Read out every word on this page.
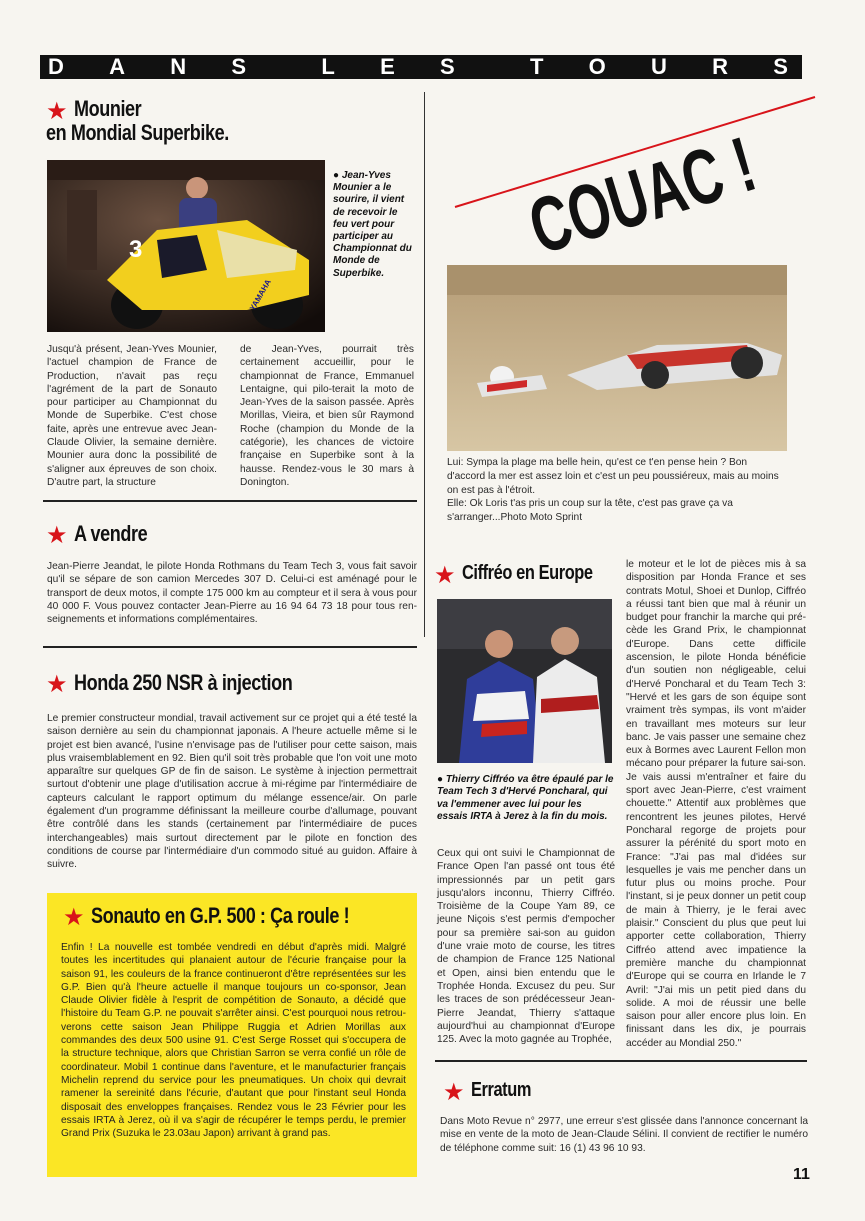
D A N S	L E S	T O U R S
★ Mounier
en Mondial Superbike.
3
YAMAHA
● Jean-Yves Mounier a le sourire, il vient de recevoir le feu vert pour participer au Championnat du Monde de Superbike.
Jusqu'à présent, Jean-Yves Mounier, l'actuel champion de France de Production, n'avait pas reçu l'agrément de la part de Sonauto pour participer au Championnat du Monde de Superbike. C'est chose faite, après une entrevue avec Jean-Claude Olivier, la semaine dernière. Mounier aura donc la possibilité de s'aligner aux épreuves de son choix. D'autre part, la structure
de Jean-Yves, pourrait très certainement accueillir, pour le championnat de France, Emmanuel Lentaigne, qui pilo-terait la moto de Jean-Yves de la saison passée. Après Morillas, Vieira, et bien sûr Raymond Roche (champion du Monde de la catégorie), les chances de victoire française en Superbike sont à la hausse. Rendez-vous le 30 mars à Donington.
★ A vendre
Jean-Pierre Jeandat, le pilote Honda Rothmans du Team Tech 3, vous fait savoir qu'il se sépare de son camion Mercedes 307 D. Celui-ci est aménagé pour le transport de deux motos, il compte 175 000 km au compteur et il sera à vous pour 40 000 F. Vous pouvez contacter Jean-Pierre au 16 94 64 73 18 pour tous ren-seignements et informations complémentaires.
★ Honda 250 NSR à injection
Le premier constructeur mondial, travail activement sur ce projet qui a été testé la saison dernière au sein du championnat japonais. A l'heure actuelle même si le projet est bien avancé, l'usine n'envisage pas de l'utiliser pour cette saison, mais plus vraisemblablement en 92. Bien qu'il soit très probable que l'on voit une moto apparaître sur quelques GP de fin de saison. Le système à injection permettrait surtout d'obtenir une plage d'utilisation accrue à mi-régime par l'intermédiaire de capteurs calculant le rapport optimum du mélange essence/air. On parle également d'un programme définissant la meilleure courbe d'allumage, pouvant être contrôlé dans les stands (certainement par l'intermédiaire de puces interchangeables) mais surtout directement par le pilote en fonction des conditions de course par l'intermédiaire d'un commodo situé au guidon. Affaire à suivre.
★ Sonauto en G.P. 500 : Ça roule !
Enfin ! La nouvelle est tombée vendredi en début d'après midi. Malgré toutes les incertitudes qui planaient autour de l'écurie française pour la saison 91, les couleurs de la france continueront d'être représentées sur les G.P. Bien qu'à l'heure actuelle il manque toujours un co-sponsor, Jean Claude Olivier fidèle à l'esprit de compétition de Sonauto, a décidé que l'histoire du Team G.P. ne pouvait s'arrêter ainsi. C'est pourquoi nous retrou-verons cette saison Jean Philippe Ruggia et Adrien Morillas aux commandes des deux 500 usine 91. C'est Serge Rosset qui s'occupera de la structure technique, alors que Christian Sarron se verra confié un rôle de coordinateur. Mobil 1 continue dans l'aventure, et le manufacturier français Michelin reprend du service pour les pneumatiques. Un choix qui devrait ramener la sereinité dans l'écurie, d'autant que pour l'instant seul Honda disposait des enveloppes françaises. Rendez vous le 23 Février pour les essais IRTA à Jerez, où il va s'agir de récupérer le temps perdu, le premier Grand Prix (Suzuka le 23.03au Japon) arrivant à grand pas.
COUAC !
Lui: Sympa la plage ma belle hein, qu'est ce t'en pense hein ? Bon d'accord la mer est assez loin et c'est un peu poussiéreux, mais au moins on est pas à l'étroit.
Elle: Ok Loris t'as pris un coup sur la tête, c'est pas grave ça va s'arranger...Photo Moto Sprint
★ Ciffréo en Europe
● Thierry Ciffréo va être épaulé par le Team Tech 3 d'Hervé Poncharal, qui va l'emmener avec lui pour les essais IRTA à Jerez à la fin du mois.
Ceux qui ont suivi le Championnat de France Open l'an passé ont tous été impressionnés par un petit gars jusqu'alors inconnu, Thierry Ciffréo. Troisième de la Coupe Yam 89, ce jeune Niçois s'est permis d'empocher pour sa première sai-son au guidon d'une vraie moto de course, les titres de champion de France 125 National et Open, ainsi bien entendu que le Trophée Honda. Excusez du peu. Sur les traces de son prédécesseur Jean-Pierre Jeandat, Thierry s'attaque aujourd'hui au championnat d'Europe 125. Avec la moto gagnée au Trophée,
le moteur et le lot de pièces mis à sa disposition par Honda France et ses contrats Motul, Shoei et Dunlop, Ciffréo a réussi tant bien que mal à réunir un budget pour franchir la marche qui pré-cède les Grand Prix, le championnat d'Europe. Dans cette difficile ascension, le pilote Honda bénéficie d'un soutien non négligeable, celui d'Hervé Poncharal et du Team Tech 3: "Hervé et les gars de son équipe sont vraiment très sympas, ils vont m'aider en travaillant mes moteurs sur leur banc. Je vais passer une semaine chez eux à Bormes avec Laurent Fellon mon mécano pour préparer la future sai-son. Je vais aussi m'entraîner et faire du sport avec Jean-Pierre, c'est vraiment chouette." Attentif aux problèmes que rencontrent les jeunes pilotes, Hervé Poncharal regorge de projets pour assurer la pérénité du sport moto en France: "J'ai pas mal d'idées sur lesquelles je vais me pencher dans un futur plus ou moins proche. Pour l'instant, si je peux donner un petit coup de main à Thierry, je le ferai avec plaisir." Conscient du plus que peut lui apporter cette collaboration, Thierry Ciffréo attend avec impatience la première manche du championnat d'Europe qui se courra en Irlande le 7 Avril: "J'ai mis un petit pied dans du solide. A moi de réussir une belle saison pour aller encore plus loin. En finissant dans les dix, je pourrais accéder au Mondial 250."
★ Erratum
Dans Moto Revue n° 2977, une erreur s'est glissée dans l'annonce concernant la mise en vente de la moto de Jean-Claude Sélini. Il convient de rectifier le numéro de téléphone comme suit: 16 (1) 43 96 10 93.
11
